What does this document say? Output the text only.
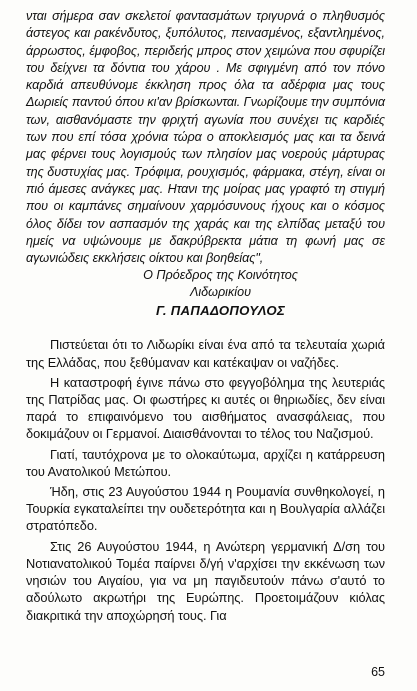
νται σήμερα σαν σκελετοί φαντασμάτων τριγυρνά ο πληθυσμός άστεγος και ρακένδυτος, ξυπόλυτος, πεινασμένος, εξαντλημένος, άρρωστος, έμφοβος, περιδεής μπρος στον χειμώνα που σφυρίζει του δείχνει τα δόντια του χάρου . Με σφιγμένη από τον πόνο καρδιά απευθύνομε έκκληση προς όλα τα αδέρφια μας τους Δωριείς παντού όπου κι'αν βρίσκωνται. Γνωρίζουμε την συμπόνια των, αισθανόμαστε την φριχτή αγωνία που συνέχει τις καρδιές των που επί τόσα χρόνια τώρα ο αποκλεισμός μας και τα δεινά μας φέρνει τους λογισμούς των πλησίον μας νοερούς μάρτυρας της δυστυχίας μας. Τρόφιμα, ρουχισμός, φάρμακα, στέγη, είναι οι πιό άμεσες ανάγκες μας. Ητανι της μοίρας μας γραφτό τη στιγμή που οι καμπάνες σημαίνουν χαρμόσυνους ήχους και ο κόσμος όλος δίδει τον ασπασμόν της χαράς και της ελπίδας μεταξύ του ημείς να υψώνουμε με δακρύβρεκτα μάτια τη φωνή μας σε αγωνιώδεις εκκλήσεις οίκτου και βοηθείας",

Ο Πρόεδρος της Κοινότητος

Λιδωρικίου

Γ. ΠΑΠΑΔΟΠΟΥΛΟΣ

Πιστεύεται ότι το Λιδωρίκι είναι ένα από τα τελευταία χωριά της Ελλάδας, που ξεθύμαναν και κατέκαψαν οι ναζήδες.

Η καταστροφή έγινε πάνω στο φεγγοβόλημα της λευτεριάς της Πατρίδας μας. Οι φωστήρες κι αυτές οι θηριωδίες, δεν είναι παρά το επιφαινόμενο του αισθήματος ανασφάλειας, που δοκιμάζουν οι Γερμανοί. Διαισθάνονται το τέλος του Ναζισμού.

Γιατί, ταυτόχρονα με το ολοκαύτωμα, αρχίζει η κατάρρευση του Ανατολικού Μετώπου.

Ήδη, στις 23 Αυγούστου 1944 η Ρουμανία συνθηκολογεί, η Τουρκία εγκαταλείπει την ουδετερότητα και η Βουλγαρία αλλάζει στρατόπεδο.

Στις 26 Αυγούστου 1944, η Ανώτερη γερμανική Δ/ση του Νοτιανατολικού Τομέα παίρνει δ/γή ν'αρχίσει την εκκένωση των νησιών του Αιγαίου, για να μη παγιδευτούν πάνω σ'αυτό το αδούλωτο ακρωτήρι της Ευρώπης. Προετοιμάζουν κιόλας διακριτικά την αποχώρησή τους. Για

65
